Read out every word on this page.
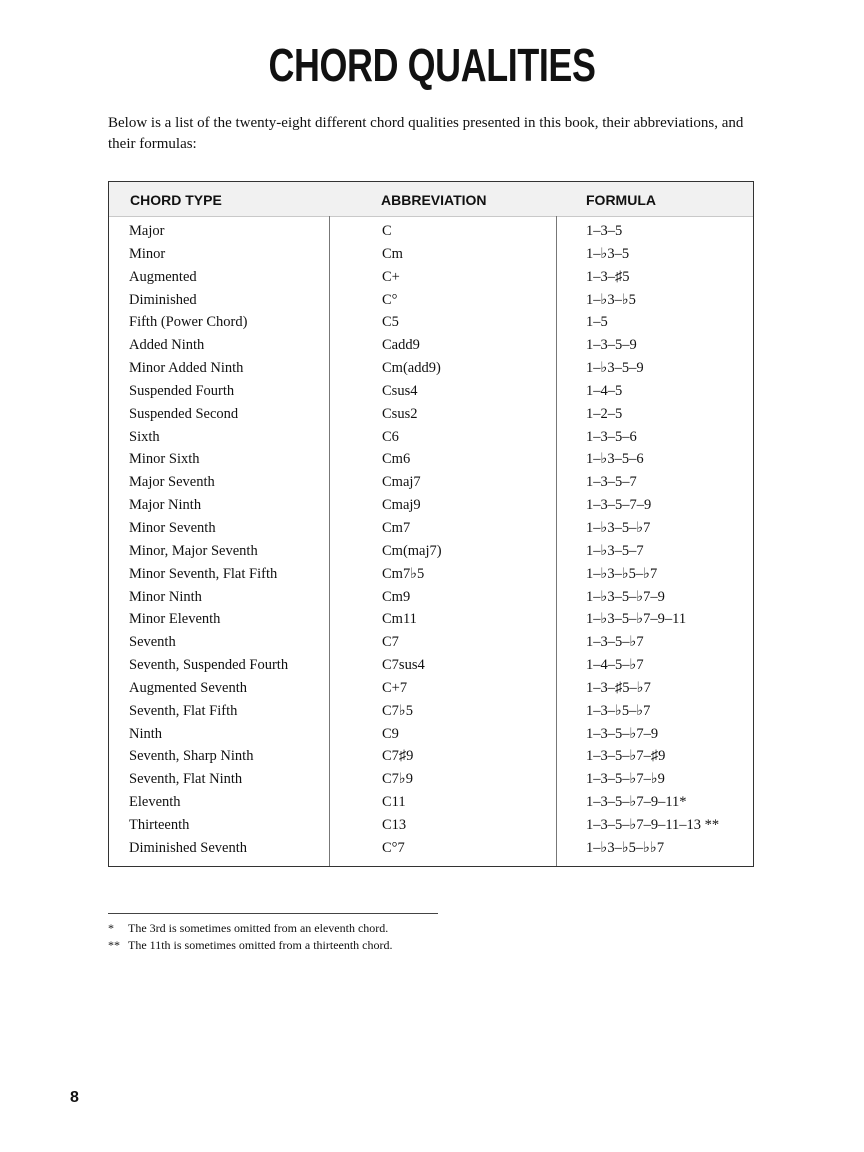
CHORD QUALITIES

Below is a list of the twenty-eight different chord qualities presented in this book, their abbreviations, and their formulas:

CHORD TYPE	ABBREVIATION	FORMULA
Major	C	1–3–5
Minor	Cm	1–♭3–5
Augmented	C+	1–3–♯5
Diminished	C°	1–♭3–♭5
Fifth (Power Chord)	C5	1–5
Added Ninth	Cadd9	1–3–5–9
Minor Added Ninth	Cm(add9)	1–♭3–5–9
Suspended Fourth	Csus4	1–4–5
Suspended Second	Csus2	1–2–5
Sixth	C6	1–3–5–6
Minor Sixth	Cm6	1–♭3–5–6
Major Seventh	Cmaj7	1–3–5–7
Major Ninth	Cmaj9	1–3–5–7–9
Minor Seventh	Cm7	1–♭3–5–♭7
Minor, Major Seventh	Cm(maj7)	1–♭3–5–7
Minor Seventh, Flat Fifth	Cm7♭5	1–♭3–♭5–♭7
Minor Ninth	Cm9	1–♭3–5–♭7–9
Minor Eleventh	Cm11	1–♭3–5–♭7–9–11
Seventh	C7	1–3–5–♭7
Seventh, Suspended Fourth	C7sus4	1–4–5–♭7
Augmented Seventh	C+7	1–3–♯5–♭7
Seventh, Flat Fifth	C7♭5	1–3–♭5–♭7
Ninth	C9	1–3–5–♭7–9
Seventh, Sharp Ninth	C7♯9	1–3–5–♭7–♯9
Seventh, Flat Ninth	C7♭9	1–3–5–♭7–♭9
Eleventh	C11	1–3–5–♭7–9–11*
Thirteenth	C13	1–3–5–♭7–9–11–13 **
Diminished Seventh	C°7	1–♭3–♭5–♭♭7
* The 3rd is sometimes omitted from an eleventh chord.
** The 11th is sometimes omitted from a thirteenth chord.
8
